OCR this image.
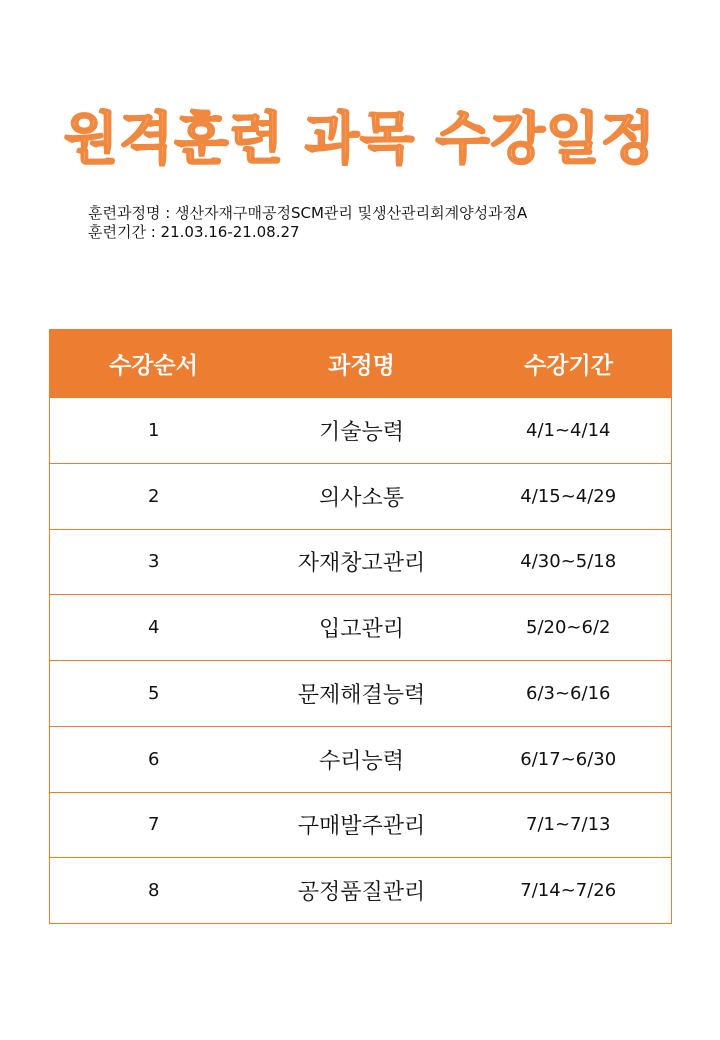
원격훈련 과목 수강일정
훈련과정명 : 생산자재구매공정SCM관리 및생산관리회계양성과정A
훈련기간 : 21.03.16-21.08.27
수강순서	과정명	수강기간
1	기술능력	4/1~4/14
2	의사소통	4/15~4/29
3	자재창고관리	4/30~5/18
4	입고관리	5/20~6/2
5	문제해결능력	6/3~6/16
6	수리능력	6/17~6/30
7	구매발주관리	7/1~7/13
8	공정품질관리	7/14~7/26
